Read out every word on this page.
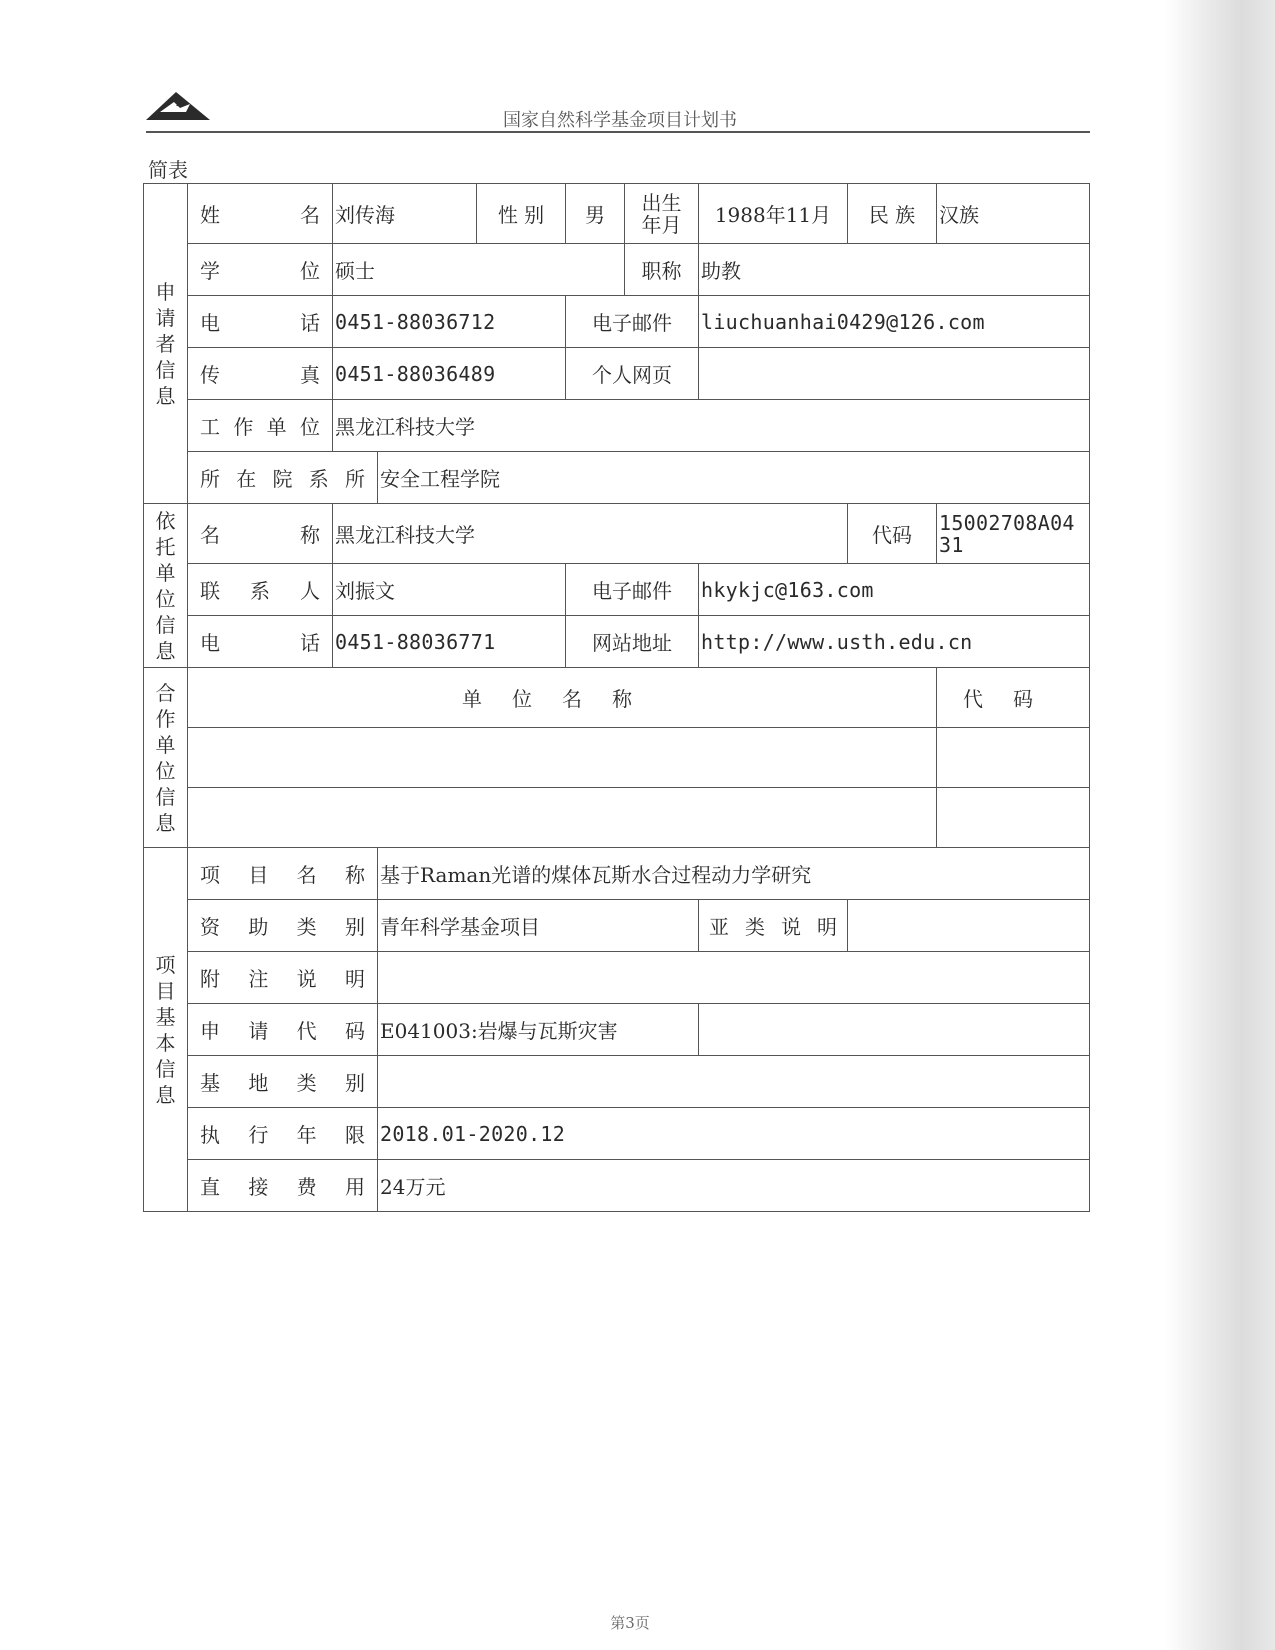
国家自然科学基金项目计划书
简表
申请者信息	姓名	刘传海		性 别	男	出生年月	1988年11月	民 族	汉族
	学位	硕士				职称	助教		
	电话	0451-88036712			电子邮件		liuchuanhai0429@126.com		
	传真	0451-88036489			个人网页				
	工作单位	黑龙江科技大学							
	所在院系所		安全工程学院						
依托单位信息	名称	黑龙江科技大学						代码	15002708A0431
	联系人	刘振文			电子邮件		hkykjc@163.com		
	电话	0451-88036771			网站地址		http://www.usth.edu.cn		
合作单位信息	单位名称								代码

项目基本信息	项目名称		基于Raman光谱的煤体瓦斯水合过程动力学研究						
	资助类别		青年科学基金项目				亚类说明		
	附注说明								
	申请代码		E041003:岩爆与瓦斯灾害						
	基地类别								
	执行年限		2018.01-2020.12						
	直接费用		24万元						
第3页
